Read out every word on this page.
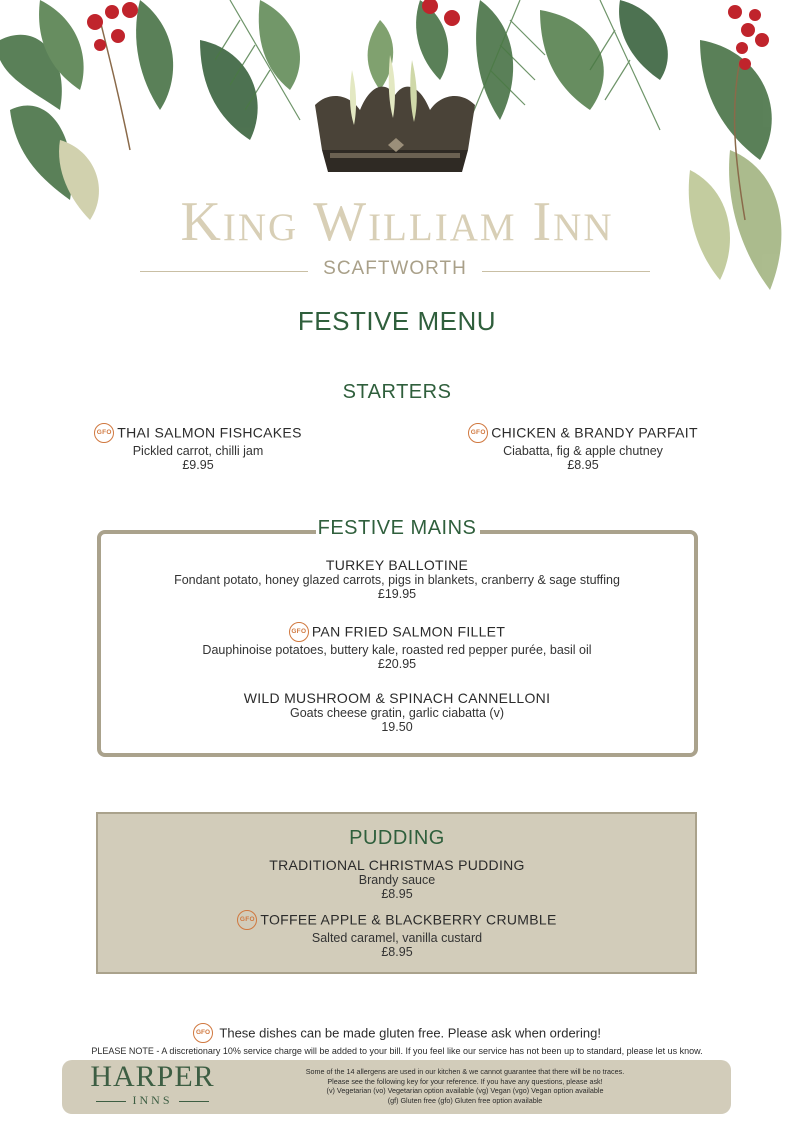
King William Inn
SCAFTWORTH
FESTIVE MENU
STARTERS
GFO THAI SALMON FISHCAKES
Pickled carrot, chilli jam
£9.95
GFO CHICKEN & BRANDY PARFAIT
Ciabatta, fig & apple chutney
£8.95
FESTIVE MAINS
TURKEY BALLOTINE
Fondant potato, honey glazed carrots, pigs in blankets, cranberry & sage stuffing
£19.95
GFO PAN FRIED SALMON FILLET
Dauphinoise potatoes, buttery kale, roasted red pepper purée, basil oil
£20.95
WILD MUSHROOM & SPINACH CANNELLONI
Goats cheese gratin, garlic ciabatta (v)
19.50
PUDDING
TRADITIONAL CHRISTMAS PUDDING
Brandy sauce
£8.95
GFO TOFFEE APPLE & BLACKBERRY CRUMBLE
Salted caramel, vanilla custard
£8.95
GFO These dishes can be made gluten free. Please ask when ordering!
PLEASE NOTE - A discretionary 10% service charge will be added to your bill. If you feel like our service has not been up to standard, please let us know.
HARPER
INNS
Some of the 14 allergens are used in our kitchen & we cannot guarantee that there will be no traces.
Please see the following key for your reference. If you have any questions, please ask!
(v) Vegetarian (vo) Vegetarian option available (vg) Vegan (vgo) Vegan option available
(gf) Gluten free (gfo) Gluten free option available
